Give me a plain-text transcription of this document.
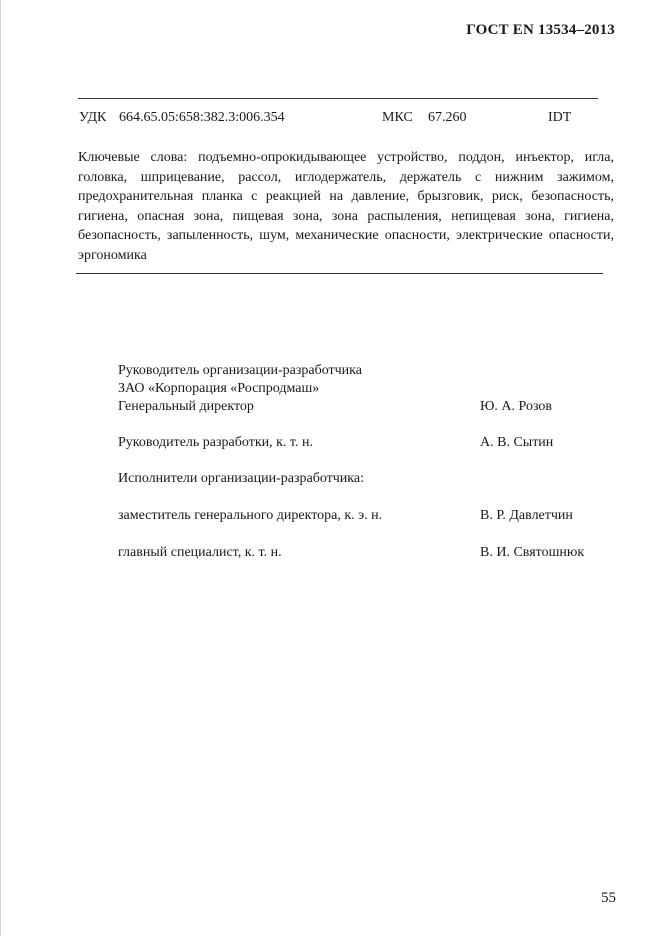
ГОСТ EN 13534–2013
УДК 664.65.05:658:382.3:006.354	МКС 67.260	IDT
Ключевые слова: подъемно-опрокидывающее устройство, поддон, инъектор, игла, головка, шприцевание, рассол, иглодержатель, держатель с нижним зажимом, предохранительная планка с реакцией на давление, брызговик, риск, безопасность, гигиена, опасная зона, пищевая зона, зона распыления, непищевая зона, гигиена, безопасность, запыленность, шум, механические опасности, электрические опасности, эргономика
Руководитель организации-разработчика
ЗАО «Корпорация «Роспродмаш»
Генеральный директор	Ю. А. Розов
Руководитель разработки, к. т. н.	А. В. Сытин
Исполнители организации-разработчика:
заместитель генерального директора, к. э. н.	В. Р. Давлетчин
главный специалист, к. т. н.	В. И. Святошнюк
55
